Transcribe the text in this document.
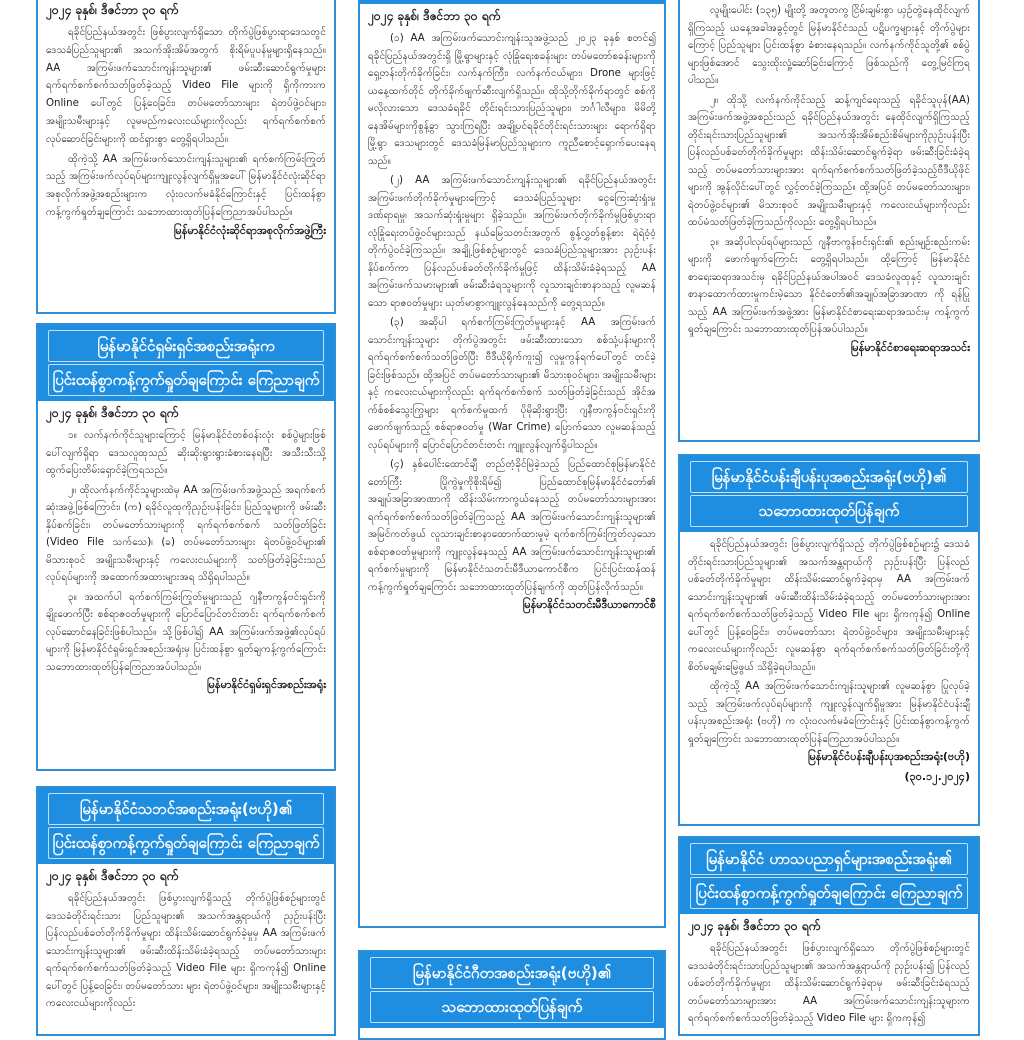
၂၀၂၄ ခုနှစ်၊ ဒီဇင်ဘာ ၃၀ ရက်

ရခိုင်ပြည်နယ်အတွင်း ဖြစ်ပွားလျက်ရှိသော တိုက်ပွဲဖြစ်ပွားရာဒေသတွင် ဒေသခံပြည်သူများ၏ အသက်အိုးအိမ်အတွက် စိုးရိမ်ပူပန်မှုများရှိနေသည်။ AA အကြမ်းဖက်သောင်းကျန်းသူများ၏ ဖမ်းဆီးဆောင်ရွက်မှုများ ရက်ရက်စက်စက်သတ်ဖြတ်ခဲ့သည့် Video File များကို ရှိကိုကားက Online ပေါ်တွင် ပြန့်ဝေခြင်း၊ တပ်မတော်သားများ ရဲတပ်ဖွဲ့ဝင်များ၊ အမျိုးသမီးများနှင့် လူမမည်ကလေးငယ်များကိုလည်း ရက်ရက်စက်စက်လုပ်ဆောင်ခြင်းများကို ထင်ရှားစွာ တွေ့ရှိရပါသည်။

ထိုကဲ့သို့ AA အကြမ်းဖက်သောင်းကျန်းသူများ၏ ရက်စက်ကြမ်းကြုတ်သည့် အကြမ်းဖက်လုပ်ရပ်များကျူးလွန်လျက်ရှိမှုအပေါ် မြန်မာနိုင်ငံလုံးဆိုင်ရာ အစုလိုက်အဖွဲ့အစည်းများက လုံးဝလက်မခံနိုင်ကြောင်းနှင့် ပြင်းထန်စွာ ကန့်ကွက်ရှုတ်ချကြောင်း သဘောထားထုတ်ပြန်ကြေညာအပ်ပါသည်။

မြန်မာနိုင်ငံလုံးဆိုင်ရာအစုလိုက်အဖွဲ့ကြီး
မြန်မာနိုင်ငံရှမ်းရှင်အစည်းအရုံးက
ပြင်းထန်စွာကန့်ကွက်ရှုတ်ချကြောင်း ကြေညာချက်
၂၀၂၄ ခုနှစ်၊ ဒီဇင်ဘာ ၃၀ ရက်

၁။ လက်နက်ကိုင်သူများကြောင့် မြန်မာနိုင်ငံတစ်ဝန်းလုံး စစ်ပွဲများဖြစ်ပေါ်လျက်ရှိရာ ဒေသလူထုသည် ဆိုးဆိုးရွားရွားခံစားနေရပြီး အသီးသီးသို့ ထွက်ပြေးတိမ်းရှောင်ခဲ့ကြရသည်။

၂။ ထိုလက်နက်ကိုင်သူများထဲမှ AA အကြမ်းဖက်အဖွဲ့သည် အရက်စက်ဆုံးအဖွဲ့ဖြစ်ကြောင်း၊ (က) ရခိုင်လူထုကိုညှဉ်းပန်းခြင်း၊ ပြည်သူများကို ဖမ်းဆီးနှိပ်စက်ခြင်း၊ တပ်မတော်သားများကို ရက်ရက်စက်စက် သတ်ဖြတ်ခြင်း (Video File သက်သေ)၊ (ခ) တပ်မတော်သားများ ရဲတပ်ဖွဲ့ဝင်များ၏ မိသားစုဝင် အမျိုးသမီးများနှင့် ကလေးငယ်များကို သတ်ဖြတ်ခဲ့ခြင်းသည် လုပ်ရပ်များကို အထောက်အထားများအရ သိရှိရပါသည်။

၃။ အထက်ပါ ရက်စက်ကြမ်းကြုတ်မှုများသည် ဂျနီဗာကွန်ဗင်းရှင်းကို ချိုးဖောက်ပြီး စစ်ရာဇဝတ်မှုများကို ပြောင်ပြောင်တင်းတင်း ရက်ရက်စက်စက် လုပ်ဆောင်နေခြင်းဖြစ်ပါသည်။ သို့ဖြစ်ပါ၍ AA အကြမ်းဖက်အဖွဲ့၏လုပ်ရပ်များကို မြန်မာနိုင်ငံရှမ်းရှင်အစည်းအရုံးမှ ပြင်းထန်စွာ ရှုတ်ချကန့်ကွက်ကြောင်း သဘောထားထုတ်ပြန်ကြေညာအပ်ပါသည်။

မြန်မာနိုင်ငံရှမ်းရှင်အစည်းအရုံး
မြန်မာနိုင်ငံသဘင်အစည်းအရုံး(ဗဟို)၏
ပြင်းထန်စွာကန့်ကွက်ရှုတ်ချကြောင်း ကြေညာချက်
၂၀၂၄ ခုနှစ်၊ ဒီဇင်ဘာ ၃၀ ရက်

ရခိုင်ပြည်နယ်အတွင်း ဖြစ်ပွားလျက်ရှိသည့် တိုက်ပွဲဖြစ်စဉ်များတွင် ဒေသခံတိုင်းရင်းသား ပြည်သူများ၏ အသက်အန္တရာယ်ကို ညှဉ်းပန်းပြီး ပြန်လည်ပစ်ခတ်တိုက်ခိုက်မှုများ ထိန်းသိမ်းဆောင်ရွက်ခဲ့မှုမှ AA အကြမ်းဖက်သောင်းကျန်းသူများ၏ ဖမ်းဆီးထိန်းသိမ်းခံခဲ့ရသည့် တပ်မတော်သားများ ရက်ရက်စက်စက်သတ်ဖြတ်ခဲ့သည့် Video File များ ရှိကကုန်၍ Online ပေါ်တွင် ပြန့်ဝေခြင်း၊ တပ်မတော်သား များ ရဲတပ်ဖွဲ့ဝင်များ၊ အမျိုးသမီးများနှင့် ကလေးငယ်များကိုလည်း

၂၀၂၄ ခုနှစ်၊ ဒီဇင်ဘာ ၃၀ ရက်

(၁) AA အကြမ်းဖက်သောင်းကျန်းသူအဖွဲ့သည် ၂၀၂၃ ခုနှစ် စတင်၍ ရခိုင်ပြည်နယ်အတွင်းရှိ မြို့ရွာများနှင့် လုံခြုံရေးစခန်းများ တပ်မတော်စခန်းများကို ရှေ့တန်းတိုက်ခိုက်ခြင်း၊ လက်နက်ကြီး၊ လက်နက်ငယ်များ၊ Drone များဖြင့် ယနေ့ထက်တိုင် တိုက်ခိုက်ဖျက်ဆီးလျက်ရှိသည်။ ထိုသို့တိုက်ခိုက်ရာတွင် စစ်ကိုမလိုလားသော ဒေသခံရခိုင် တိုင်းရင်းသားပြည်သူများ၊ ဘင်္ဂါလီများ၊ မိမိတို့နေအိမ်များကိုစွန့်ခွာ သွားကြရပြီး အချို့ပင်ရခိုင်တိုင်းရင်းသားများ ရောက်ရှိရာ မြို့ရွာ ဒေသများတွင် ဒေသခံမြန်မာပြည်သူများက ကူညီစောင့်ရှောက်ပေးနေရသည်။

(၂) AA အကြမ်းဖက်သောင်းကျန်းသူများ၏ ရခိုင်ပြည်နယ်အတွင်း အကြမ်းဖက်တိုက်ခိုက်မှုများကြောင့် ဒေသခံပြည်သူများ ငွေကြေးဆုံးရှုံးမှု ဒဏ်ရာရမှု၊ အသက်ဆုံးရှုံးမှုများ ရှိခဲ့သည်။ အကြမ်းဖက်တိုက်ခိုက်မှုဖြစ်ပွားရာ လုံခြုံရေးတပ်ဖွဲ့ဝင်များသည် နယ်မြေသတင်းအတွက် စွန့်လွှတ်စွန့်စား ရဲရဲဝံ့ဝံ့တိုက်ပွဲဝင်ခဲ့ကြသည်။ အချို့ဖြစ်စဉ်များတွင် ဒေသခံပြည်သူများအား ညှဉ်းပန်းနှိပ်စက်ကာ ပြန်လည်ပစ်ခတ်တိုက်ခိုက်မှုဖြင့် ထိန်းသိမ်းခံခဲ့ရသည့် AA အကြမ်းဖက်သမားများ၏ ဖမ်းဆီးခံရသူများကို လူသားချင်းစာနာသည့် လူမဆန်သော ရာဇဝတ်မှုများ ယုတ်မာစွာကျူးလွန်နေသည်ကို တွေ့ရသည်။

(၃) အဆိုပါ ရက်စက်ကြမ်းကြုတ်မှုများနှင့် AA အကြမ်းဖက်သောင်းကျန်းသူများ တိုက်ပွဲအတွင်း ဖမ်းဆီးထားသော စစ်သုံ့ပန်းများကို ရက်ရက်စက်စက်သတ်ဖြတ်ပြီး ဗီဒီယိုရိုက်ကူး၍ လူမှုကွန်ရက်ပေါ်တွင် တင်ခဲ့ခြင်းဖြစ်သည်။ ထို့အပြင် တပ်မတော်သားများ၏ မိသားစုဝင်များ၊ အမျိုးသမီးများနှင့် ကလေးငယ်များကိုလည်း ရက်ရက်စက်စက် သတ်ဖြတ်ခဲ့ခြင်းသည် အိုင်အက်စ်စစ်သွေးကြွများ ရက်စက်မှုထက် ပိုမိုဆိုးရွားပြီး ဂျနီဗာကွန်ဗင်းရှင်းကို ဖောက်ဖျက်သည့် စစ်ရာဇဝတ်မှု (War Crime) ပြောက်သော လူမဆန်သည့်လုပ်ရပ်များကို ပြောင်ပြောင်တင်းတင်း ကျူးလွန်လျက်ရှိပါသည်။

(၄) နှစ်ပေါင်းထောင်ချီ တည်တံ့ခိုင်မြဲခဲ့သည့် ပြည်ထောင်စုမြန်မာနိုင်ငံတော်ကြီး ပြိုကွဲမှုကိုစိုးရိမ်၍ ပြည်ထောင်စုမြန်မာနိုင်ငံတော်၏ အချုပ်အခြာအာဏာကို ထိန်းသိမ်းကာကွယ်နေသည့် တပ်မတော်သားများအား ရက်ရက်စက်စက်သတ်ဖြတ်ခဲ့ကြသည့် AA အကြမ်းဖက်သောင်းကျန်းသူများ၏ အမြင်ကတ်ဖွယ် လူသားချင်းစာနာထောက်ထားမှုမဲ့ ရက်စက်ကြမ်းကြုတ်လှသော စစ်ရာဇဝတ်မှုများကို ကျူးလွန်နေသည့် AA အကြမ်းဖက်သောင်းကျန်းသူများ၏ ရက်စက်မှုများကို မြန်မာနိုင်ငံသတင်းမီဒီယာကောင်စီက ပြင်းပြင်းထန်ထန် ကန့်ကွက်ရှုတ်ချကြောင်း သဘောထားထုတ်ပြန်ချက်ကို ထုတ်ပြန်လိုက်သည်။

မြန်မာနိုင်ငံသတင်းမီဒီယာကောင်စီ
မြန်မာနိုင်ငံဂီတအစည်းအရုံး(ဗဟို)၏
သဘောထားထုတ်ပြန်ချက်

လူမျိုးပေါင်း (၁၃၅) မျိုးတို့ အတူတကွ ငြိမ်းချမ်းစွာ ယှဉ်တွဲနေထိုင်လျက်ရှိကြသည့် ယနေ့အခါအခွင့်တွင် မြန်မာနိုင်ငံသည် ပဋိပက္ခများနှင့် တိုက်ပွဲများကြောင့် ပြည်သူများ ပြင်းထန်စွာ ခံစားနေရသည်။ လက်နက်ကိုင်သူတို့၏ စစ်ပွဲများဖြစ်အောင် သွေးထိုးလှုံ့ဆော်ခြင်းကြောင့် ဖြစ်သည်ကို တွေ့မြင်ကြရပါသည်။

၂။ ထိုသို့ လက်နက်ကိုင်သည့် ဆန့်ကျင်ရေးသည့် ရခိုင်သူပုန်(AA) အကြမ်းဖက်အဖွဲ့အစည်းသည် ရခိုင်ပြည်နယ်အတွင်း နေထိုင်လျက်ရှိကြသည့် တိုင်းရင်းသားပြည်သူများ၏ အသက်အိုးအိမ်စည်းစိမ်များကိုညှဉ်းပန်းပြီး ပြန်လည်ပစ်ခတ်တိုက်ခိုက်မှုများ ထိန်းသိမ်းဆောင်ရွက်ခဲ့ရာ ဖမ်းဆီးခြင်းခံခဲ့ရသည့် တပ်မတော်သားများအား ရက်ရက်စက်စက်သတ်ဖြတ်ခဲ့သည့်ဗီဒီယိုဖိုင်များကို အွန်လိုင်းပေါ်တွင် လွှင့်တင်ခဲ့ကြသည်။ ထို့အပြင် တပ်မတော်သားများ၊ ရဲတပ်ဖွဲ့ဝင်များ၏ မိသားစုဝင် အမျိုးသမီးများနှင့် ကလေးငယ်များကိုလည်း ထပ်မံသတ်ဖြတ်ခဲ့ကြသည်ကိုလည်း တွေ့ရှိရပါသည်။

၃။ အဆိုပါလုပ်ရပ်များသည် ဂျနီဗာကွန်ဗင်းရှင်း၏ စည်းမျဉ်းစည်းကမ်းများကို ဖောက်ဖျက်ကြောင်း တွေ့ရှိရပါသည်။ ထို့ကြောင့် မြန်မာနိုင်ငံစာရေးဆရာအသင်းမှ ရခိုင်ပြည်နယ်အပါအဝင် ဒေသခံလူထုနှင့် လူသားချင်းစာနာထောက်ထားမှုကင်းမဲ့သော နိုင်ငံတော်၏အချုပ်အခြာအာဏာ ကို ရန်ပြုသည့် AA အကြမ်းဖက်အဖွဲ့အား မြန်မာနိုင်ငံစာရေးဆရာအသင်းမှ ကန့်ကွက်ရှုတ်ချကြောင်း သဘောထားထုတ်ပြန်အပ်ပါသည်။

မြန်မာနိုင်ငံစာရေးဆရာအသင်း
မြန်မာနိုင်ငံပန်းချီပန်းပုအစည်းအရုံး(ဗဟို)၏
သဘောထားထုတ်ပြန်ချက်

ရခိုင်ပြည်နယ်အတွင်း ဖြစ်ပွားလျက်ရှိသည့် တိုက်ပွဲဖြစ်စဉ်များ၌ ဒေသခံတိုင်းရင်းသားပြည်သူများ၏ အသက်အန္တရာယ်ကို ညှဉ်းပန်းပြီး ပြန်လည်ပစ်ခတ်တိုက်ခိုက်မှုများ ထိန်းသိမ်းဆောင်ရွက်ခဲ့ရာမှ AA အကြမ်းဖက်သောင်းကျန်းသူများ၏ ဖမ်းဆီးထိန်းသိမ်းခံခဲ့ရသည့် တပ်မတော်သားများအား ရက်ရက်စက်စက်သတ်ဖြတ်ခဲ့သည့် Video File များ ရှိကကုန်၍ Online ပေါ်တွင် ပြန့်ဝေခြင်း၊ တပ်မတော်သား ရဲတပ်ဖွဲ့ဝင်များ၊ အမျိုးသမီးများနှင့် ကလေးငယ်များကိုလည်း လူမဆန်စွာ ရက်ရက်စက်စက်သတ်ဖြတ်ခြင်းတို့ကို စိတ်မချမ်းမြေ့ဖွယ် သိရှိခဲ့ရပါသည်။

ထိုကဲ့သို့ AA အကြမ်းဖက်သောင်းကျန်းသူများ၏ လူမဆန်စွာ ပြုလုပ်ခဲ့သည့် အကြမ်းဖက်လုပ်ရပ်များကို ကျူးလွန်လျက်ရှိမှုအား မြန်မာနိုင်ငံပန်းချီပန်းပုအစည်းအရုံး (ဗဟို) က လုံးဝလက်မခံကြောင်းနှင့် ပြင်းထန်စွာကန့်ကွက်ရှုတ်ချကြောင်း သဘောထားထုတ်ပြန်ကြေညာအပ်ပါသည်။

မြန်မာနိုင်ငံပန်းချီပန်းပုအစည်းအရုံး(ဗဟို)
(၃၀.၁၂.၂၀၂၄)
မြန်မာနိုင်ငံ ဟာသပညာရှင်များအစည်းအရုံး၏
ပြင်းထန်စွာကန့်ကွက်ရှုတ်ချကြောင်း ကြေညာချက်
၂၀၂၄ ခုနှစ်၊ ဒီဇင်ဘာ ၃၀ ရက်

ရခိုင်ပြည်နယ်အတွင်း ဖြစ်ပွားလျက်ရှိသော တိုက်ပွဲဖြစ်စဉ်များတွင် ဒေသခံတိုင်းရင်းသားပြည်သူများ၏ အသက်အန္တရာယ်ကို ညှဉ်းပန်း၍ ပြန်လည် ပစ်ခတ်တိုက်ခိုက်မှုများ ထိန်းသိမ်းဆောင်ရွက်ခဲ့ရာမှ ဖမ်းဆီးခြင်းခံရသည့် တပ်မတော်သားများအား AA အကြမ်းဖက်သောင်းကျန်းသူများက ရက်ရက်စက်စက်သတ်ဖြတ်ခဲ့သည့် Video File များ ရှိကကုန်၍
